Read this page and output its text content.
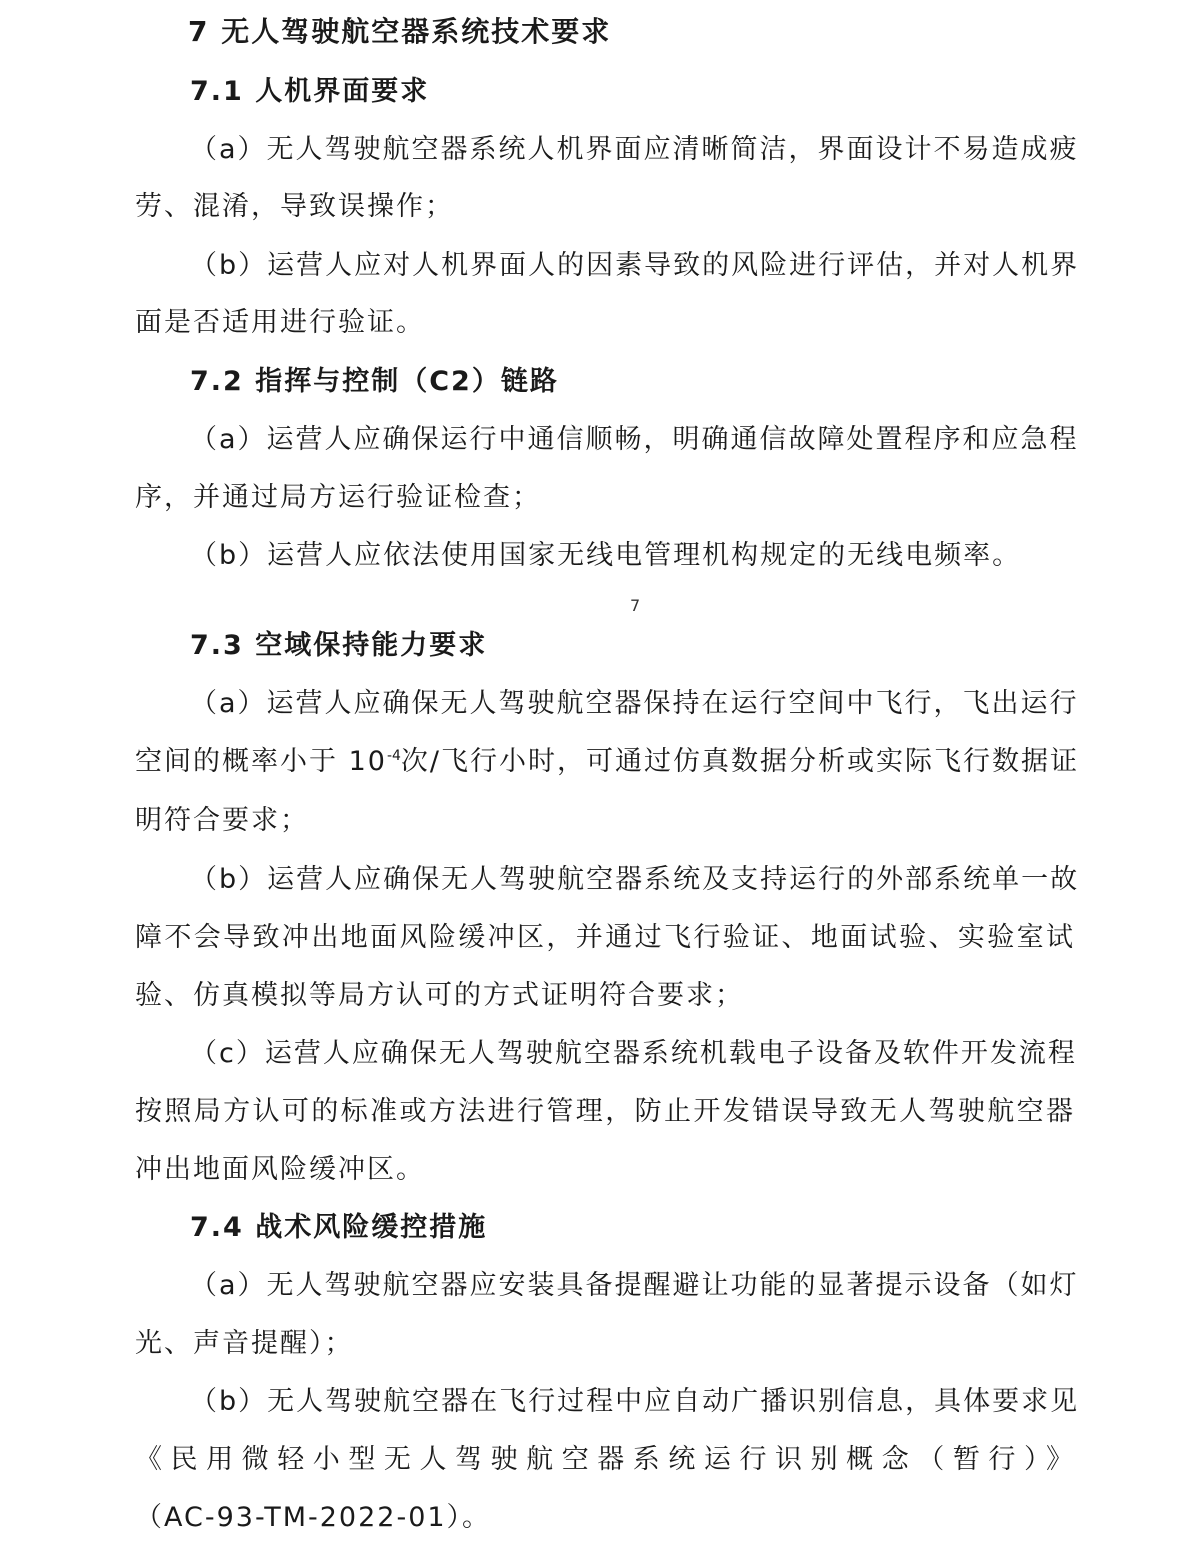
7 无人驾驶航空器系统技术要求

7.1 人机界面要求

（a）无人驾驶航空器系统人机界面应清晰简洁，界面设计不易造成疲

劳、混淆，导致误操作；

（b）运营人应对人机界面人的因素导致的风险进行评估，并对人机界

面是否适用进行验证。

7.2 指挥与控制（C2）链路

（a）运营人应确保运行中通信顺畅，明确通信故障处置程序和应急程

序，并通过局方运行验证检查；

（b）运营人应依法使用国家无线电管理机构规定的无线电频率。

7

7.3 空域保持能力要求

（a）运营人应确保无人驾驶航空器保持在运行空间中飞行，飞出运行

空间的概率小于 $10^{-4}$次/飞行小时，可通过仿真数据分析或实际飞行数据证

明符合要求；

（b）运营人应确保无人驾驶航空器系统及支持运行的外部系统单一故

障不会导致冲出地面风险缓冲区，并通过飞行验证、地面试验、实验室试

验、仿真模拟等局方认可的方式证明符合要求；

（c）运营人应确保无人驾驶航空器系统机载电子设备及软件开发流程

按照局方认可的标准或方法进行管理，防止开发错误导致无人驾驶航空器

冲出地面风险缓冲区。

7.4 战术风险缓控措施

（a）无人驾驶航空器应安装具备提醒避让功能的显著提示设备（如灯

光、声音提醒）；

（b）无人驾驶航空器在飞行过程中应自动广播识别信息，具体要求见

《民用微轻小型无人驾驶航空器系统运行识别概念（暂行）》

（AC-93-TM-2022-01）。
